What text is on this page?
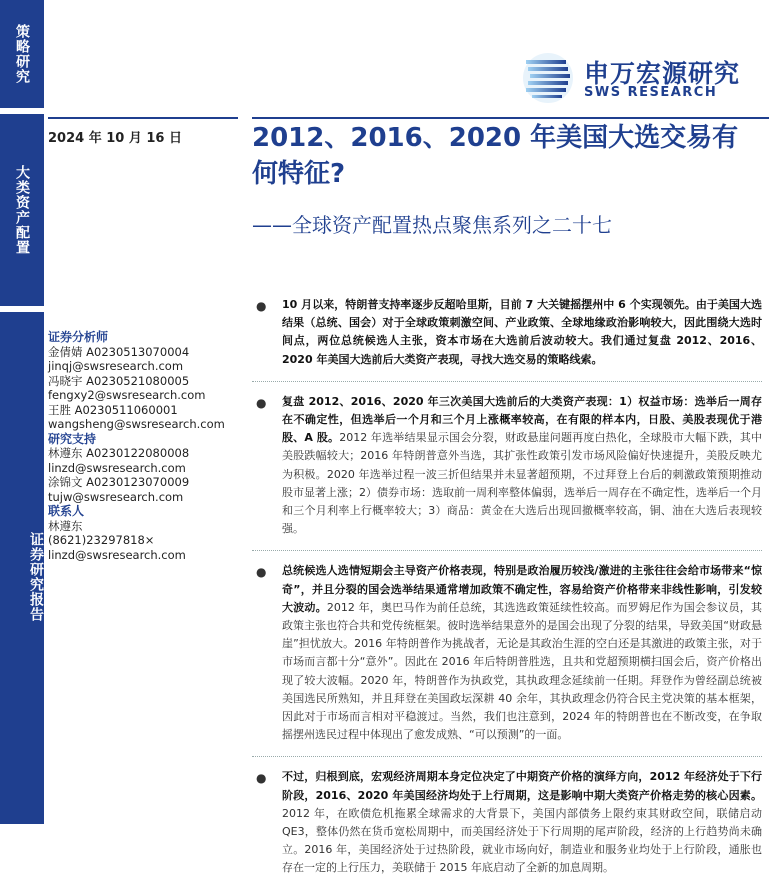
策略研究
大类资产配置
证券研究报告
申万宏源研究
SWS RESEARCH
2024 年 10 月 16 日	2012、2016、2020 年美国大选交易有何特征?
——全球资产配置热点聚焦系列之二十七
证券分析师
金倩婧 A0230513070004
jinqj@swsresearch.com
冯晓宇 A0230521080005
fengxy2@swsresearch.com
王胜 A0230511060001
wangsheng@swsresearch.com
研究支持
林遵东 A0230122080008
linzd@swsresearch.com
涂锦文 A0230123070009
tujw@swsresearch.com
联系人
林遵东
(8621)23297818×
linzd@swsresearch.com
● 10 月以来，特朗普支持率逐步反超哈里斯，目前 7 大关键摇摆州中 6 个实现领先。由于美国大选结果（总统、国会）对于全球政策刺激空间、产业政策、全球地缘政治影响较大，因此围绕大选时间点，两位总统候选人主张，资本市场在大选前后波动较大。我们通过复盘 2012、2016、2020 年美国大选前后大类资产表现，寻找大选交易的策略线索。
● 复盘 2012、2016、2020 年三次美国大选前后的大类资产表现：1）权益市场：选举后一周存在不确定性，但选举后一个月和三个月上涨概率较高，在有限的样本内，日股、美股表现优于港股、A 股。2012 年选举结果显示国会分裂，财政悬崖问题再度白热化，全球股市大幅下跌，其中美股跌幅较大；2016 年特朗普意外当选，其扩张性政策引发市场风险偏好快速提升，美股反映尤为积极。2020 年选举过程一波三折但结果并未显著超预期，不过拜登上台后的刺激政策预期推动股市显著上涨；2）债券市场：选取前一周利率整体偏弱，选举后一周存在不确定性，选举后一个月和三个月利率上行概率较大；3）商品：黄金在大选后出现回撤概率较高，铜、油在大选后表现较强。
● 总统候选人选情短期会主导资产价格表现，特别是政治履历较浅/激进的主张往往会给市场带来“惊奇”，并且分裂的国会选举结果通常增加政策不确定性，容易给资产价格带来非线性影响，引发较大波动。2012 年，奥巴马作为前任总统，其选选政策延续性较高。而罗姆尼作为国会参议员，其政策主张也符合共和党传统框架。彼时选举结果意外的是国会出现了分裂的结果，导致美国“财政悬崖”担忧放大。2016 年特朗普作为挑战者，无论是其政治生涯的空白还是其激进的政策主张，对于市场而言都十分“意外”。因此在 2016 年后特朗普胜选，且共和党超预期横扫国会后，资产价格出现了较大波幅。2020 年，特朗普作为执政党，其执政理念延续前一任期。拜登作为曾经副总统被美国选民所熟知，并且拜登在美国政坛深耕 40 余年，其执政理念仍符合民主党决策的基本框架，因此对于市场而言相对平稳渡过。当然，我们也注意到，2024 年的特朗普也在不断改变，在争取摇摆州选民过程中体现出了愈发成熟、“可以预测”的一面。
● 不过，归根到底，宏观经济周期本身定位决定了中期资产价格的演绎方向，2012 年经济处于下行阶段，2016、2020 年美国经济均处于上行周期，这是影响中期大类资产价格走势的核心因素。2012 年，在欧债危机拖累全球需求的大背景下，美国内部债务上限约束其财政空间，联储启动 QE3，整体仍然在货币宽松周期中，而美国经济处于下行周期的尾声阶段，经济的上行趋势尚未确立。2016 年，美国经济处于过热阶段，就业市场向好，制造业和服务业均处于上行阶段，通胀也存在一定的上行压力，美联储于 2015 年底启动了全新的加息周期。
